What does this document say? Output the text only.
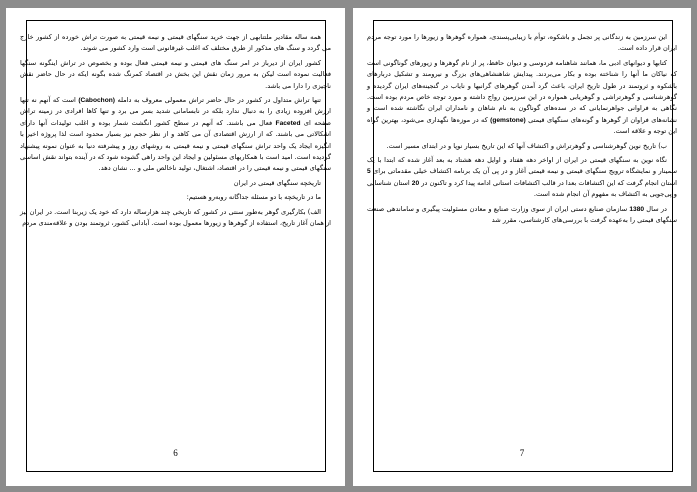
همه ساله مقادیر ملتنابهی از جهت خرید سنگهای قیمتی و نیمه قیمتی به صورت تراش خورده از کشور خارج می گردد و سنگ های مذکور از طرق مختلف که اغلب غیرقانونی است وارد کشور می شوند.

کشور ایران از دیرباز در امر سنگ های قیمتی و نیمه قیمتی فعال بوده و بخصوص در تراش اینگونه سنگها فعالیت نموده است لیکن به مرور زمان نقش این بخش در اقتصاد کمرنگ شده بگونه ایکه در حال حاضر نقش ناچیزی را دارا می باشد.

تنها تراش متداول در کشور در حال حاضر تراش معمولی معروف به دامله (Cabochon) است که آنهم نه تنها ارزش افزوده زیادی را به دنبال ندارد بلکه در نابسامانی شدید بسر می برد و تنها کاها افرادی در زمینه تراش صفحه ای Faceted فعال می باشند. که آنهم در سطح کشور انگشت شمار بوده و اغلب تولیدات آنها دارای اشکالاتی می باشند. که از ارزش اقتصادی آن می کاهد و از نظر حجم نیز بسیار محدود است لذا پروژه اخیر با انگیزه ایجاد یک واحد تراش سنگهای قیمتی و نیمه قیمتی به روشهای روز و پیشرفته دنیا به عنوان نمونه پیشنهاد گردیده است. امید است با همکاریهای مسئولین و ایجاد این واحد راهی گشوده شود که در آینده بتواند نقش اساسی سنگهای قیمتی و نیمه قیمتی را در اقتصاد، اشتغال، تولید ناخالص ملی و ... نشان دهد.

تاریخچه سنگهای قیمتی در ایران

ما در تاریخچه با دو مسئله جداگانه روبه‌رو هستیم:

الف) بکارگیری گوهر به‌طور سنتی در کشور که تاریخی چند هزارساله دارد که خود یک زیربنا است. در ایران نیز از همان آغاز تاریخ، استفاده از گوهرها و زیورها معمول بوده است. آبادانی کشور، ثروتمند بودن و علاقه‌مندی مردم

6

این سرزمین به زندگانی پر تجمل و باشکوه، توأم با زیبایی‌پسندی، همواره گوهرها و زیورها را مورد توجه مردم ایران قرار داده است.

کتابها و دیوانهای ادبی ما، همانند شاهنامه فردوسی و دیوان حافظ، پر از نام گوهرها و زیورهای گوناگونی است که نیاکان ما آنها را شناخته بوده و بکار می‌بردند. پیدایش شاهنشاهی‌های بزرگ و نیرومند و تشکیل دربارهای باشکوه و ثروتمند در طول تاریخ ایران، باعث گرد آمدن گوهرهای گرانبها و نایاب در گنجینه‌های ایران گردیده و گوهرشناسی و گوهرتراشی و گوهریابی همواره در این سرزمین رواج داشته و مورد توجه خاص مردم بوده است. نگاهی به فراوانی جواهرنمایانی که در سده‌های گوناگون به نام شاهان و نامداران ایران نگاشته شده است و نشانه‌های فراوان از گوهرها و گونه‌های سنگهای قیمتی (gemstone) که در موزه‌ها نگهداری می‌شود، بهترین گواه این توجه و علاقه است.

ب) تاریخ نوین گوهرشناسی و گوهرتراش و اکتشاف آنها که این تاریخ بسیار نوپا و در ابتدای مسیر است.

نگاه نوین به سنگهای قیمتی در ایران از اواخر دهه هفتاد و اوایل دهه هشتاد به بعد آغاز شده که ابتدا با یک سمینار و نمایشگاه ترویج سنگهای قیمتی و نیمه قیمتی آغاز و در پی آن یک برنامه اکتشاف خیلی مقدماتی برای 5 استان انجام گرفت که این اکتشافات بعدا در قالب اکتشافات استانی ادامه پیدا کرد و تاکنون در 20 استان شناسایی و پی‌جویی به اکتشاف به مفهوم آن انجام شده است.

در سال 1380 سازمان صنایع دستی ایران از سوی وزارت صنایع و معادن مسئولیت پیگیری و ساماندهی صنعت سنگهای قیمتی را به‌عهده گرفت با بررسی‌های کارشناسی، مقرر شد

7
